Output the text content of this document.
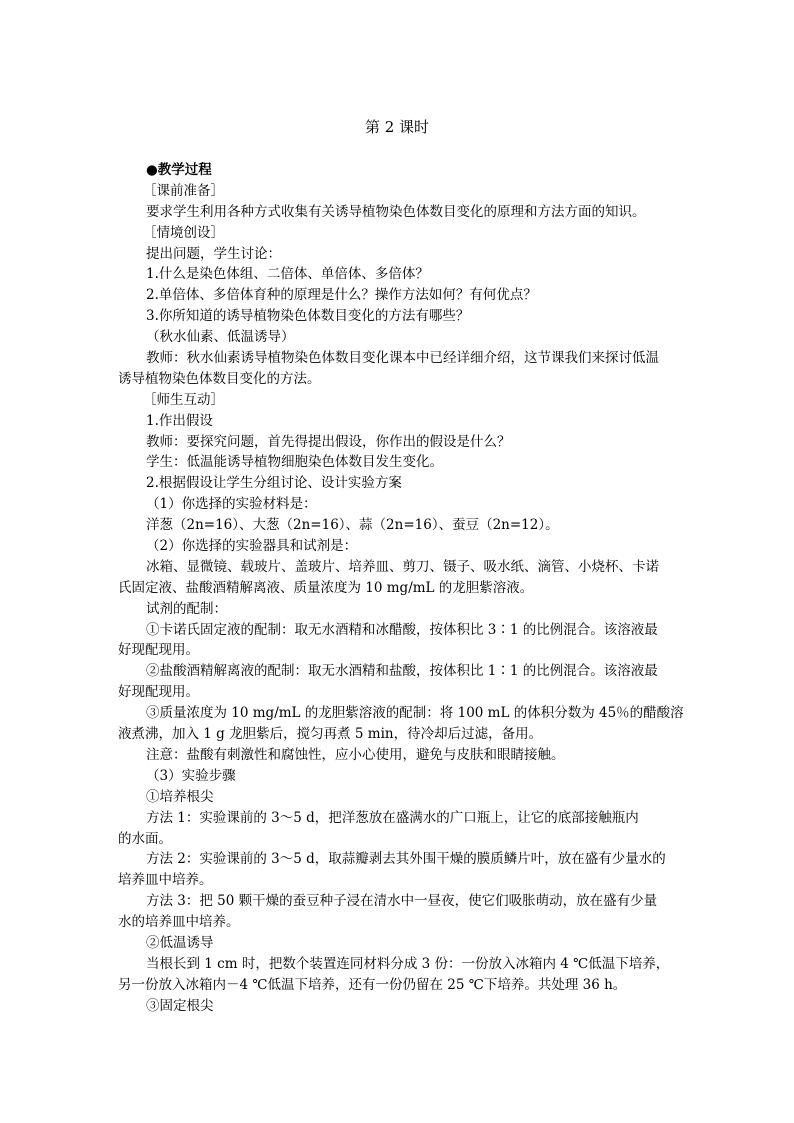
第 2 课时
●教学过程
［课前准备］
要求学生利用各种方式收集有关诱导植物染色体数目变化的原理和方法方面的知识。
［情境创设］
提出问题，学生讨论：
1.什么是染色体组、二倍体、单倍体、多倍体？
2.单倍体、多倍体育种的原理是什么？操作方法如何？有何优点？
3.你所知道的诱导植物染色体数目变化的方法有哪些？
（秋水仙素、低温诱导）
教师：秋水仙素诱导植物染色体数目变化课本中已经详细介绍，这节课我们来探讨低温
诱导植物染色体数目变化的方法。
［师生互动］
1.作出假设
教师：要探究问题，首先得提出假设，你作出的假设是什么？
学生：低温能诱导植物细胞染色体数目发生变化。
2.根据假设让学生分组讨论、设计实验方案
（1）你选择的实验材料是：
洋葱（2n=16）、大葱（2n=16）、蒜（2n=16）、蚕豆（2n=12）。
（2）你选择的实验器具和试剂是：
冰箱、显微镜、载玻片、盖玻片、培养皿、剪刀、镊子、吸水纸、滴管、小烧杯、卡诺
氏固定液、盐酸酒精解离液、质量浓度为 10 mg/mL 的龙胆紫溶液。
试剂的配制：
①卡诺氏固定液的配制：取无水酒精和冰醋酸，按体积比 3∶1 的比例混合。该溶液最
好现配现用。
②盐酸酒精解离液的配制：取无水酒精和盐酸，按体积比 1∶1 的比例混合。该溶液最
好现配现用。
③质量浓度为 10 mg/mL 的龙胆紫溶液的配制：将 100 mL 的体积分数为 45％的醋酸溶
液煮沸，加入 1 g 龙胆紫后，搅匀再煮 5 min，待冷却后过滤，备用。
注意：盐酸有刺激性和腐蚀性，应小心使用，避免与皮肤和眼睛接触。
（3）实验步骤
①培养根尖
方法 1：实验课前的 3～5 d，把洋葱放在盛满水的广口瓶上，让它的底部接触瓶内
的水面。
方法 2：实验课前的 3～5 d，取蒜瓣剥去其外围干燥的膜质鳞片叶，放在盛有少量水的
培养皿中培养。
方法 3：把 50 颗干燥的蚕豆种子浸在清水中一昼夜，使它们吸胀萌动，放在盛有少量
水的培养皿中培养。
②低温诱导
当根长到 1 cm 时，把数个装置连同材料分成 3 份：一份放入冰箱内 4 ℃低温下培养，
另一份放入冰箱内－4 ℃低温下培养，还有一份仍留在 25 ℃下培养。共处理 36 h。
③固定根尖
